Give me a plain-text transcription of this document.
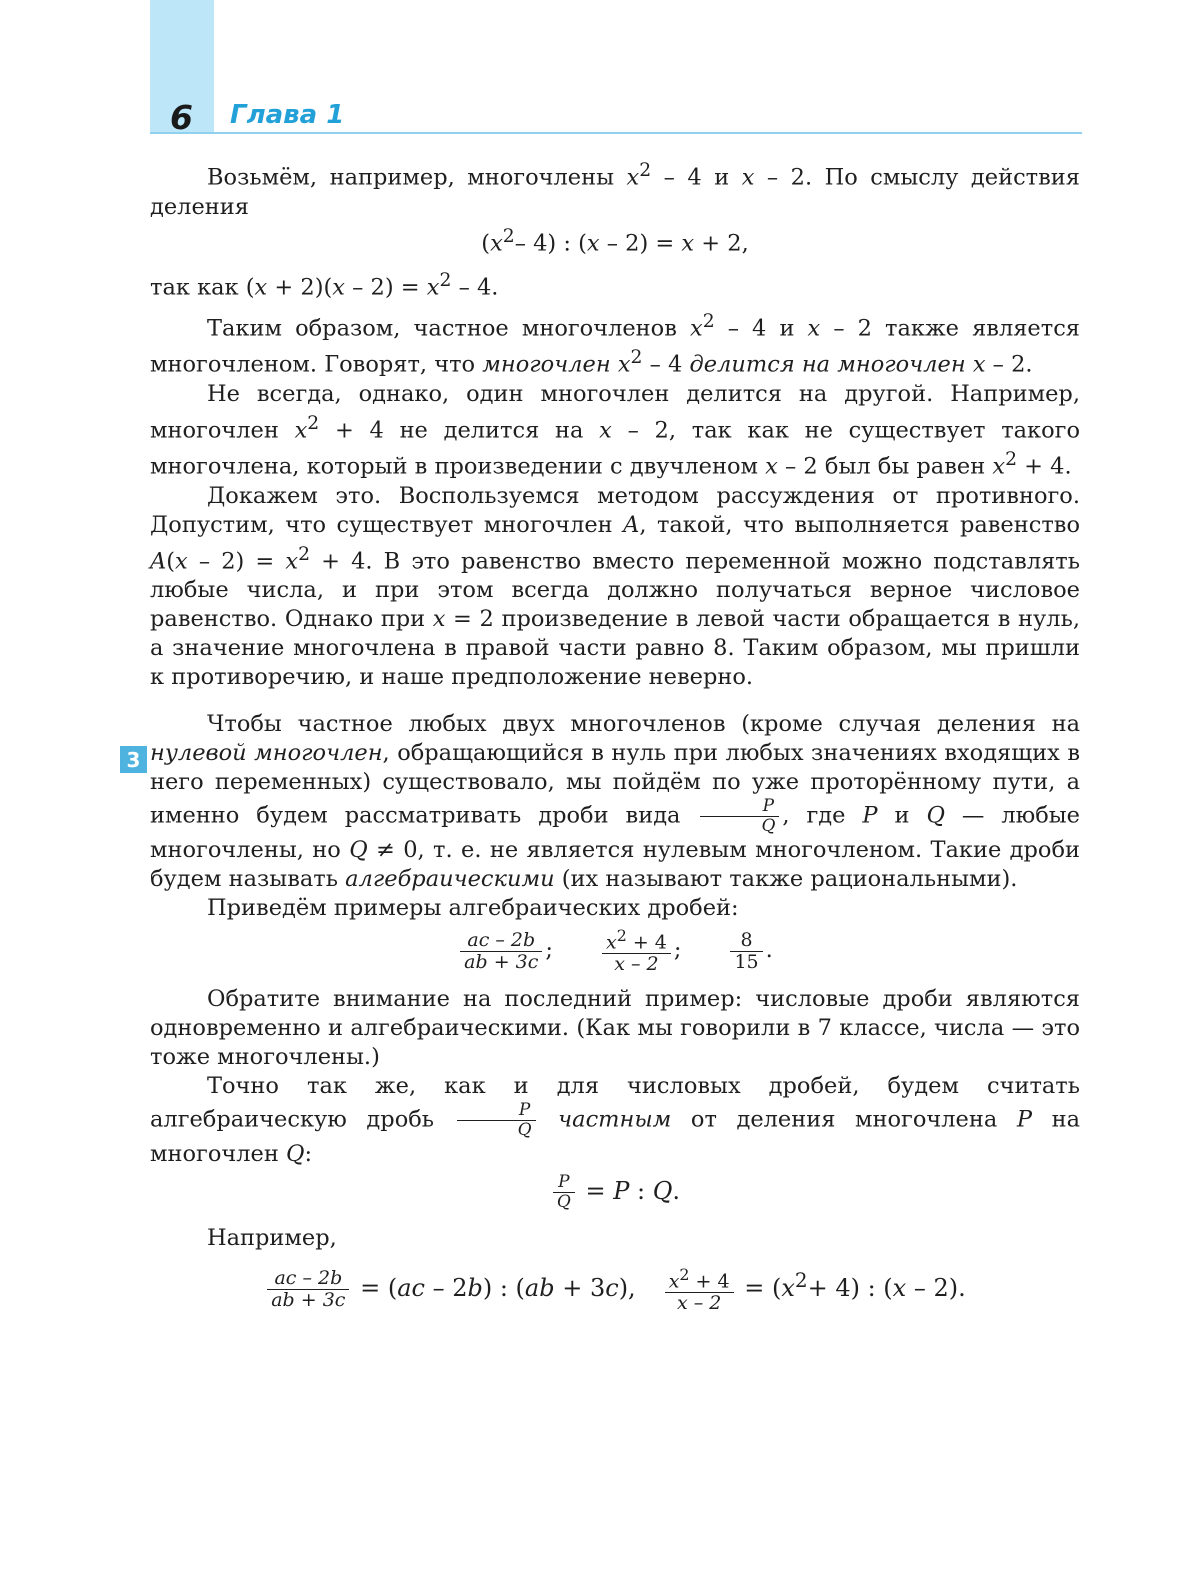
6 Глава 1
3

Возьмём, например, многочлены $x^2 - 4$ и x – 2. По смыслу действия деления

($x^2-$ 4) : (x – 2) = x + 2,

так как $(x + 2)(x - 2) = x^2 - 4$.

Таким образом, частное многочленов $x^2 - 4$ и x – 2 также является многочленом. Говорят, что многочлен $x^2 - 4$ делится на многочлен x – 2.

Не всегда, однако, один многочлен делится на другой. Например, многочлен $x^2 + 4$ не делится на x – 2, так как не существует такого многочлена, который в произведении с двучленом x – 2 был бы равен $x^2 + 4$.

Докажем это. Воспользуемся методом рассуждения от противного. Допустим, что существует многочлен A, такой, что выполняется равенство $A(x - 2) = x^2 + 4$. В это равенство вместо переменной можно подставлять любые числа, и при этом всегда должно получаться верное числовое равенство. Однако при x = 2 произведение в левой части обращается в нуль, а значение многочлена в правой части равно 8. Таким образом, мы пришли к противоречию, и наше предположение неверно.

Чтобы частное любых двух многочленов (кроме случая деления на нулевой многочлен, обращающийся в нуль при любых значениях входящих в него переменных) существовало, мы пойдём по уже проторённому пути, а именно будем рассматривать дроби вида $\frac{P}{Q}$ , где P и Q — любые многочлены, но Q ≠ 0, т. е. не является нулевым многочленом. Такие дроби будем называть алгебраическими (их называют также рациональными).

Приведём примеры алгебраических дробей:

$\frac{ac - 2b}{ab + 3c}$ ;	$\frac{x^2 + 4}{x - 2}$ ;	$\frac{8}{15}$ .

Обратите внимание на последний пример: числовые дроби являются одновременно и алгебраическими. (Как мы говорили в 7 классе, числа — это тоже многочлены.)

Точно так же, как и для числовых дробей, будем считать алгебраическую дробь $\frac{P}{Q}$ частным от деления многочлена P на многочлен Q:

$\frac{P}{Q} = P$ : Q.

Например,

$\frac{ac - 2b}{ab + 3c} = (ac - 2b)$ : (ab + 3c), $\frac{x^2 + 4}{x - 2} = (x^2+ 4)$ : (x – 2).
